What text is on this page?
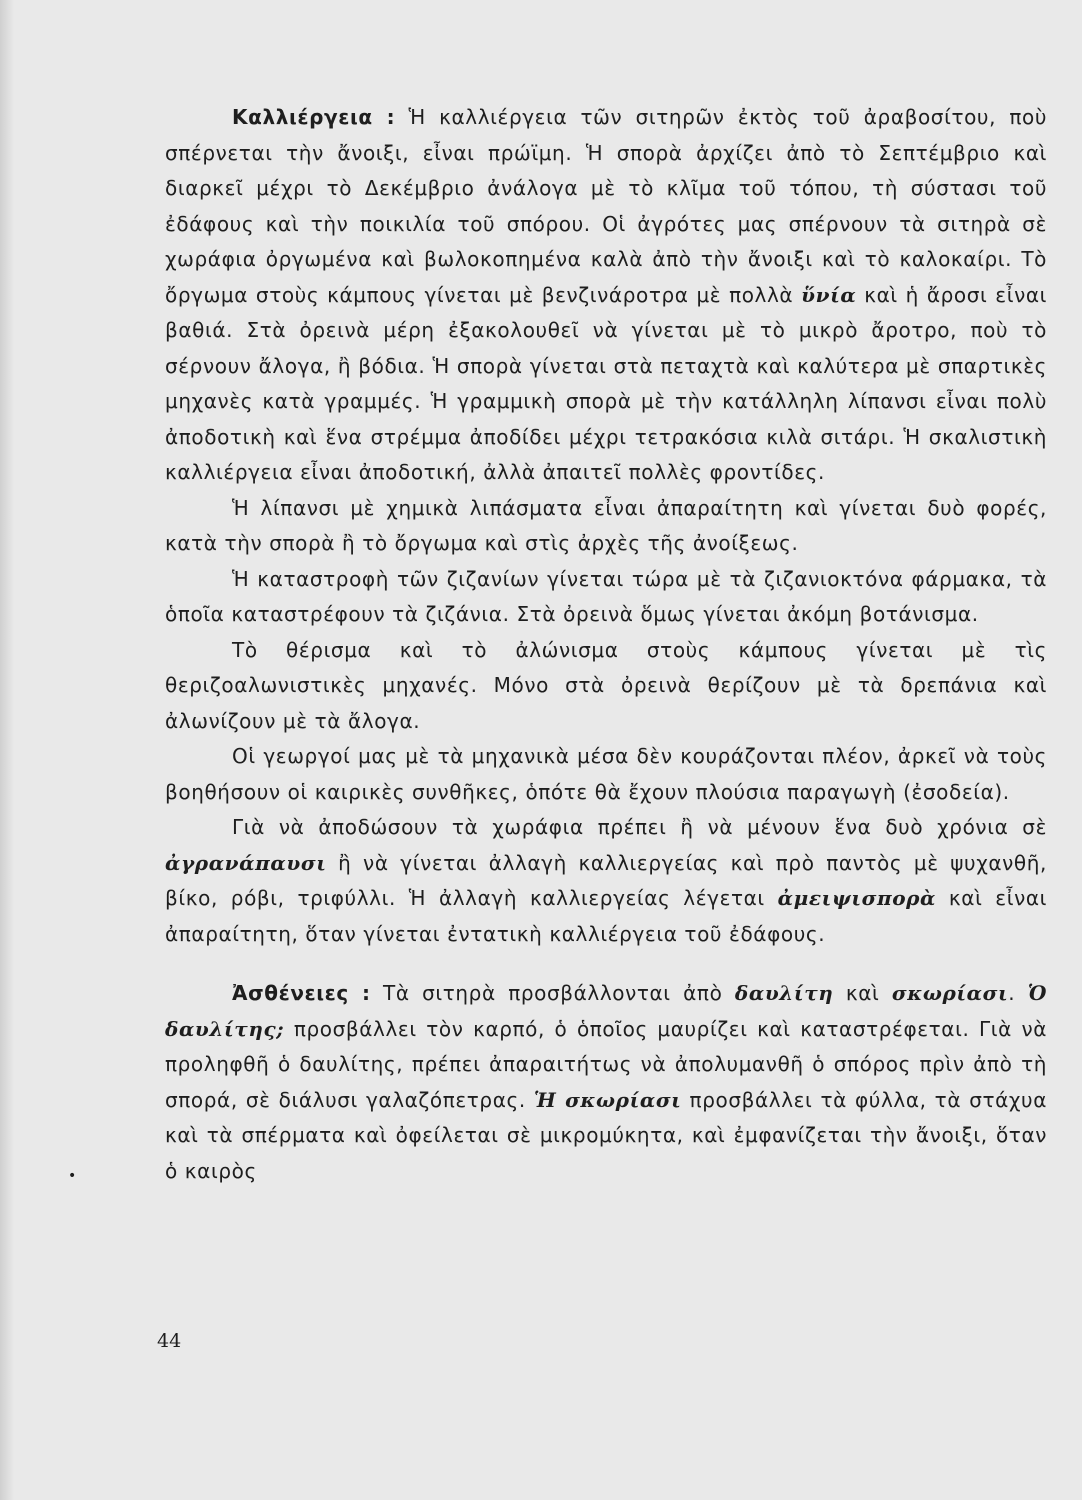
Καλλιέργεια : Ἡ καλλιέργεια τῶν σιτηρῶν ἐκτὸς τοῦ ἀραβοσίτου, ποὺ σπέρνεται τὴν ἄνοιξι, εἶναι πρώϊμη. Ἡ σπορὰ ἀρχίζει ἀπὸ τὸ Σεπτέμβριο καὶ διαρκεῖ μέχρι τὸ Δεκέμβριο ἀνάλογα μὲ τὸ κλῖμα τοῦ τόπου, τὴ σύστασι τοῦ ἐδάφους καὶ τὴν ποικιλία τοῦ σπόρου. Οἱ ἀγρότες μας σπέρνουν τὰ σιτηρὰ σὲ χωράφια ὀργωμένα καὶ βωλοκοπημένα καλὰ ἀπὸ τὴν ἄνοιξι καὶ τὸ καλοκαίρι. Τὸ ὄργωμα στοὺς κάμπους γίνεται μὲ βενζινάροτρα μὲ πολλὰ ὕνία καὶ ἡ ἄροσι εἶναι βαθιά. Στὰ ὀρεινὰ μέρη ἐξακολουθεῖ νὰ γίνεται μὲ τὸ μικρὸ ἄροτρο, ποὺ τὸ σέρνουν ἄλογα, ἢ βόδια. Ἡ σπορὰ γίνεται στὰ πεταχτὰ καὶ καλύτερα μὲ σπαρτικὲς μηχανὲς κατὰ γραμμές. Ἡ γραμμικὴ σπορὰ μὲ τὴν κατάλληλη λίπανσι εἶναι πολὺ ἀποδοτικὴ καὶ ἕνα στρέμμα ἀποδίδει μέχρι τετρακόσια κιλὰ σιτάρι. Ἡ σκαλιστικὴ καλλιέργεια εἶναι ἀποδοτική, ἀλλὰ ἀπαιτεῖ πολλὲς φροντίδες.

Ἡ λίπανσι μὲ χημικὰ λιπάσματα εἶναι ἀπαραίτητη καὶ γίνεται δυὸ φορές, κατὰ τὴν σπορὰ ἢ τὸ ὄργωμα καὶ στὶς ἀρχὲς τῆς ἀνοίξεως.

Ἡ καταστροφὴ τῶν ζιζανίων γίνεται τώρα μὲ τὰ ζιζανιοκτόνα φάρμακα, τὰ ὁποῖα καταστρέφουν τὰ ζιζάνια. Στὰ ὀρεινὰ ὅμως γίνεται ἀκόμη βοτάνισμα.

Τὸ θέρισμα καὶ τὸ ἀλώνισμα στοὺς κάμπους γίνεται μὲ τὶς θεριζοαλωνιστικὲς μηχανές. Μόνο στὰ ὀρεινὰ θερίζουν μὲ τὰ δρεπάνια καὶ ἀλωνίζουν μὲ τὰ ἄλογα.

Οἱ γεωργοί μας μὲ τὰ μηχανικὰ μέσα δὲν κουράζονται πλέον, ἀρκεῖ νὰ τοὺς βοηθήσουν οἱ καιρικὲς συνθῆκες, ὁπότε θὰ ἔχουν πλούσια παραγωγὴ (ἐσοδεία).

Γιὰ νὰ ἀποδώσουν τὰ χωράφια πρέπει ἢ νὰ μένουν ἕνα δυὸ χρόνια σὲ ἀγρανάπαυσι ἢ νὰ γίνεται ἀλλαγὴ καλλιεργείας καὶ πρὸ παντὸς μὲ ψυχανθῆ, βίκο, ρόβι, τριφύλλι. Ἡ ἀλλαγὴ καλλιεργείας λέγεται ἀμειψισπορὰ καὶ εἶναι ἀπαραίτητη, ὅταν γίνεται ἐντατικὴ καλλιέργεια τοῦ ἐδάφους.

Ἀσθένειες : Τὰ σιτηρὰ προσβάλλονται ἀπὸ δαυλίτη καὶ σκωρίασι. Ὁ δαυλίτης; προσβάλλει τὸν καρπό, ὁ ὁποῖος μαυρίζει καὶ καταστρέφεται. Γιὰ νὰ προληφθῆ ὁ δαυλίτης, πρέπει ἀπαραιτήτως νὰ ἀπολυμανθῆ ὁ σπόρος πρὶν ἀπὸ τὴ σπορά, σὲ διάλυσι γαλαζόπετρας. Ἡ σκωρίασι προσβάλλει τὰ φύλλα, τὰ στάχυα καὶ τὰ σπέρματα καὶ ὀφείλεται σὲ μικρομύκητα, καὶ ἐμφανίζεται τὴν ἄνοιξι, ὅταν ὁ καιρὸς

•
44
